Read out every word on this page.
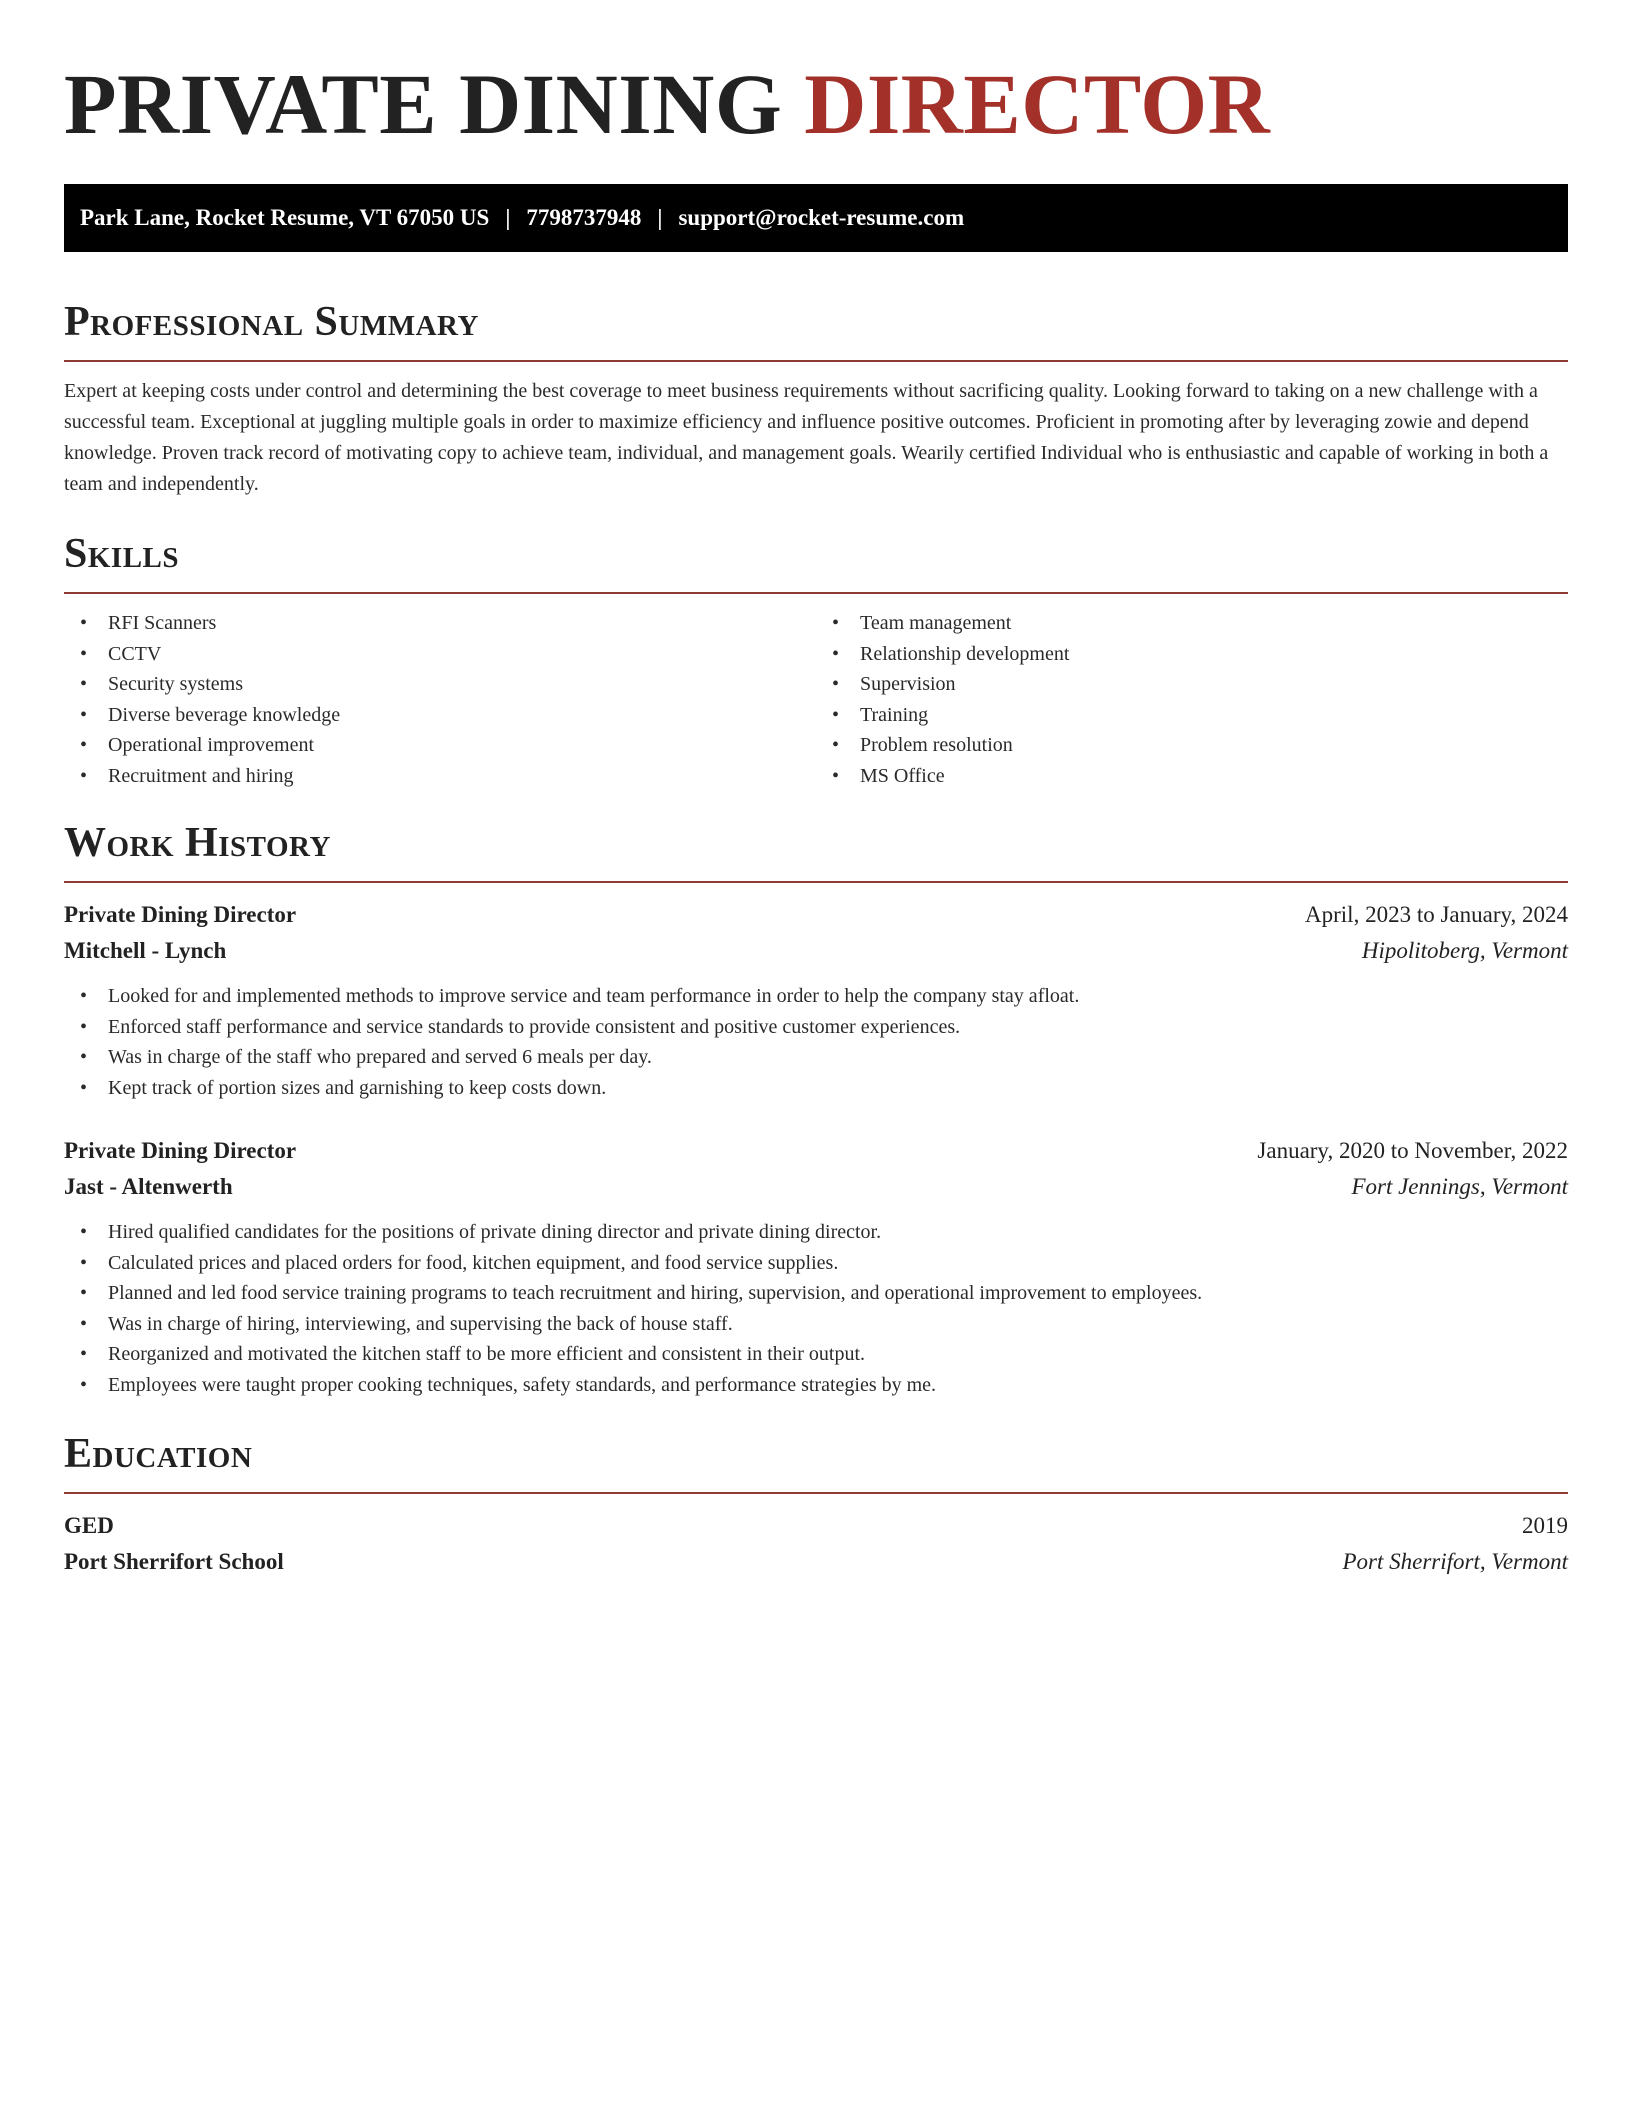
PRIVATE DINING DIRECTOR
Park Lane, Rocket Resume, VT 67050 US | 7798737948 | support@rocket-resume.com
Professional Summary

Expert at keeping costs under control and determining the best coverage to meet business requirements without sacrificing quality. Looking forward to taking on a new challenge with a successful team. Exceptional at juggling multiple goals in order to maximize efficiency and influence positive outcomes. Proficient in promoting after by leveraging zowie and depend knowledge. Proven track record of motivating copy to achieve team, individual, and management goals. Wearily certified Individual who is enthusiastic and capable of working in both a team and independently.

Skills
• RFI Scanners
• CCTV
• Security systems
• Diverse beverage knowledge
• Operational improvement
• Recruitment and hiring
• Team management
• Relationship development
• Supervision
• Training
• Problem resolution
• MS Office
Work History
Private Dining Director	April, 2023 to January, 2024
Mitchell - Lynch	Hipolitoberg, Vermont
• Looked for and implemented methods to improve service and team performance in order to help the company stay afloat.
• Enforced staff performance and service standards to provide consistent and positive customer experiences.
• Was in charge of the staff who prepared and served 6 meals per day.
• Kept track of portion sizes and garnishing to keep costs down.
Private Dining Director	January, 2020 to November, 2022
Jast - Altenwerth	Fort Jennings, Vermont
• Hired qualified candidates for the positions of private dining director and private dining director.
• Calculated prices and placed orders for food, kitchen equipment, and food service supplies.
• Planned and led food service training programs to teach recruitment and hiring, supervision, and operational improvement to employees.
• Was in charge of hiring, interviewing, and supervising the back of house staff.
• Reorganized and motivated the kitchen staff to be more efficient and consistent in their output.
• Employees were taught proper cooking techniques, safety standards, and performance strategies by me.
Education
GED	2019
Port Sherrifort School	Port Sherrifort, Vermont
